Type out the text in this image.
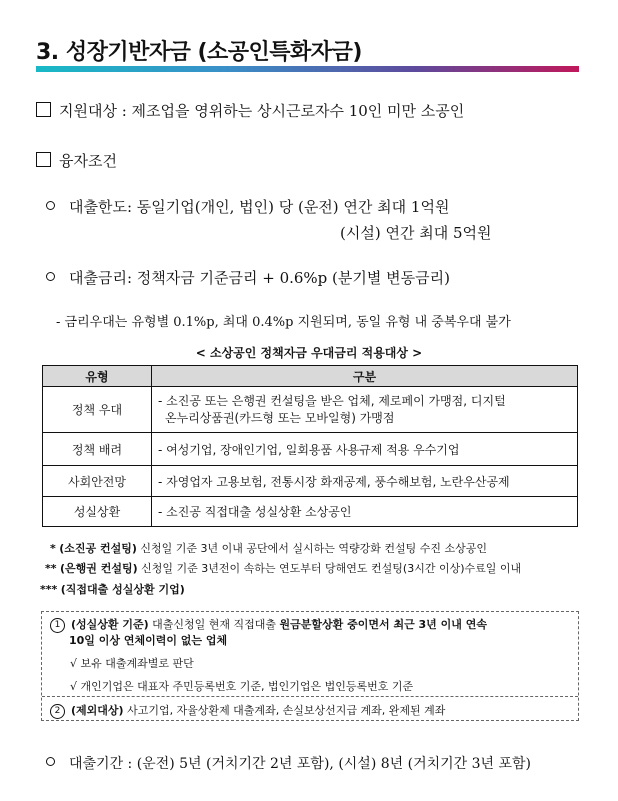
3. 성장기반자금 (소공인특화자금)
지원대상 : 제조업을 영위하는 상시근로자수 10인 미만 소공인
융자조건
대출한도: 동일기업(개인, 법인) 당 (운전) 연간 최대 1억원
(시설) 연간 최대 5억원
대출금리: 정책자금 기준금리 + 0.6%p (분기별 변동금리)
- 금리우대는 유형별 0.1%p, 최대 0.4%p 지원되며, 동일 유형 내 중복우대 불가
< 소상공인 정책자금 우대금리 적용대상 >
유형	구분
정책 우대	- 소진공 또는 은행권 컨설팅을 받은 업체, 제로페이 가맹점, 디지털
온누리상품권(카드형 또는 모바일형) 가맹점

정책 배려	- 여성기업, 장애인기업, 일회용품 사용규제 적용 우수기업
사회안전망	- 자영업자 고용보험, 전통시장 화재공제, 풍수해보험, 노란우산공제
성실상환	- 소진공 직접대출 성실상환 소상공인
* (소진공 컨설팅) 신청일 기준 3년 이내 공단에서 실시하는 역량강화 컨설팅 수진 소상공인
** (은행권 컨설팅) 신청일 기준 3년전이 속하는 연도부터 당해연도 컨설팅(3시간 이상)수료일 이내
*** (직접대출 성실상환 기업)
1 (성실상환 기준) 대출신청일 현재 직접대출 원금분할상환 중이면서 최근 3년 이내 연속
10일 이상 연체이력이 없는 업체
√ 보유 대출계좌별로 판단
√ 개인기업은 대표자 주민등록번호 기준, 법인기업은 법인등록번호 기준
2 (제외대상) 사고기업, 자율상환제 대출계좌, 손실보상선지급 계좌, 완제된 계좌
대출기간 : (운전) 5년 (거치기간 2년 포함), (시설) 8년 (거치기간 3년 포함)
